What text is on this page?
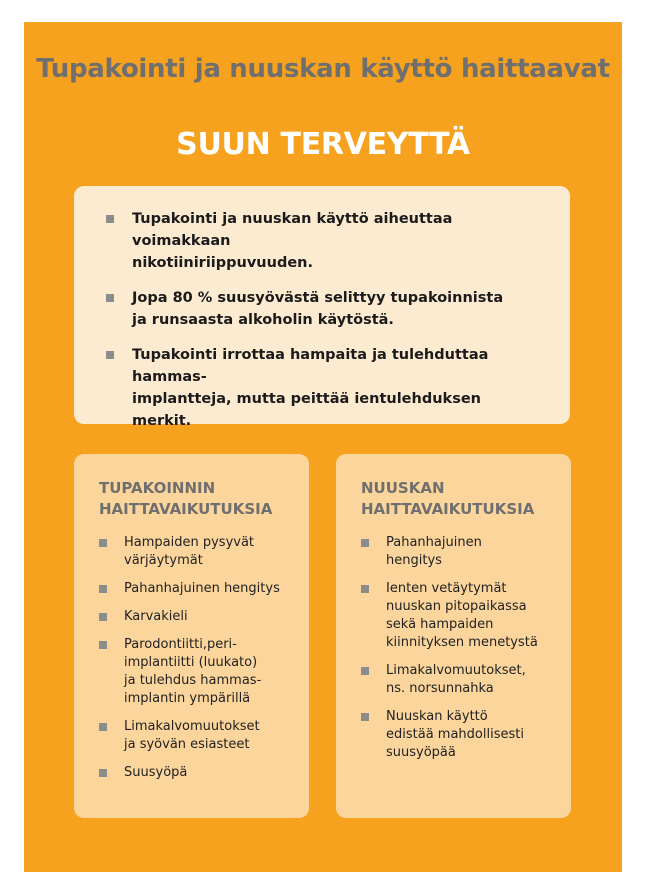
Tupakointi ja nuuskan käyttö haittaavat
SUUN TERVEYTTÄ
Tupakointi ja nuuskan käyttö aiheuttaa voimakkaan
nikotiiniriippuvuuden.
Jopa 80 % suusyövästä selittyy tupakoinnista
ja runsaasta alkoholin käytöstä.
Tupakointi irrottaa hampaita ja tulehduttaa hammas-
implantteja, mutta peittää ientulehduksen merkit.
TUPAKOINNIN
HAITTAVAIKUTUKSIA
Hampaiden pysyvät
värjäytymät
Pahanhajuinen hengitys
Karvakieli
Parodontiitti,peri-
implantiitti (luukato)
ja tulehdus hammas-
implantin ympärillä
Limakalvomuutokset
ja syövän esiasteet
Suusyöpä
NUUSKAN
HAITTAVAIKUTUKSIA
Pahanhajuinen
hengitys
Ienten vetäytymät
nuuskan pitopaikassa
sekä hampaiden
kiinnityksen menetystä
Limakalvomuutokset,
ns. norsunnahka
Nuuskan käyttö
edistää mahdollisesti
suusyöpää
